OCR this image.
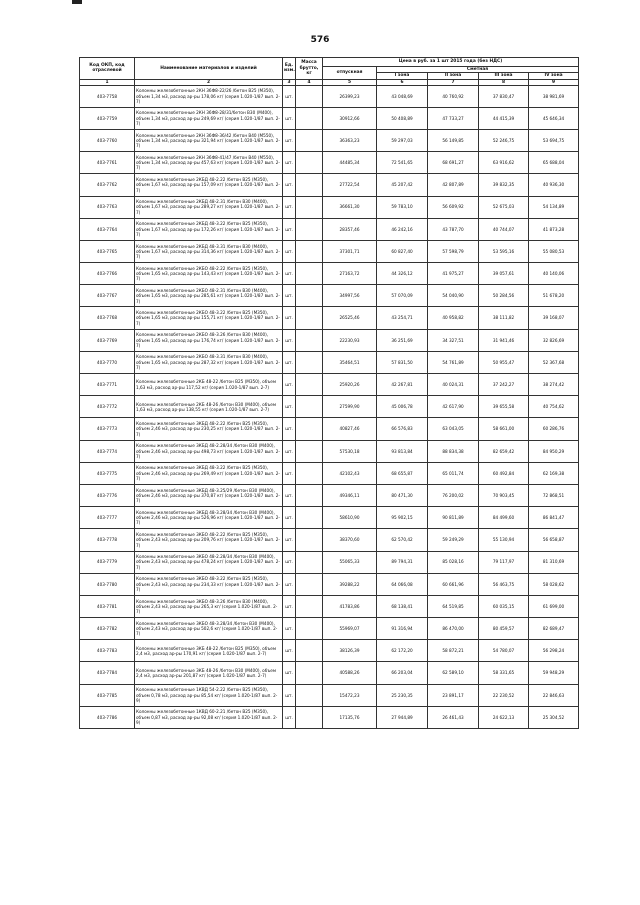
576
Код ОКП, код отраслевой	Наименование материалов и изделий	Ед. изм.	Масса брутто, кг	Цена в руб. за 1 шт 2015 года (без НДС)				
				отпускная	Сметная			
					I зона	II зона	III зона	IV зона
1	2	3	4	5	6	7	8	9
403-7758	Колонны железобетонные 2КН 36Ф8-22/26 /бетон В25 (М350), объем 1,34 м3, расход ар-ры 178,06 кг/ (серия 1.020-1/87 вып. 2-7)	шт.		26399,23	43 048,69	40 760,92	37 830,47	38 981,69
403-7759	Колонны железобетонные 2КН 36Ф8-28/31/бетон В30 (М400), объем 1,34 м3, расход ар-ры 249,69 кг/ (серия 1.020-1/87 вып. 2-7)	шт.		30912,66	50 408,89	47 733,27	44 415,39	45 646,34
403-7760	Колонны железобетонные 2КН 36Ф8-36/42 /бетон В40 (М550), объем 1,34 м3, расход ар-ры 321,94 кг/ (серия 1.020-1/87 вып. 2-7)	шт.		36363,23	59 297,03	56 149,85	52 246,75	53 694,75
403-7761	Колонны железобетонные 2КН 36Ф8-41/47 /бетон В40 (М550), объем 1,34 м3, расход ар-ры 457,63 кг/ (серия 1.020-1/87 вып. 2-7)	шт.		44485,34	72 541,65	68 691,27	63 916,62	65 688,04
403-7762	Колонны железобетонные 2КБД 48-2.22 /бетон В25 (М350), объем 1,67 м3, расход ар-ры 157,09 кг/ (серия 1.020-1/87 вып. 2-7)	шт.		27722,54	45 207,42	42 807,89	39 832,35	40 936,30
403-7763	Колонны железобетонные 2КБД 48-2.31 /бетон В30 (М400), объем 1,67 м3, расход ар-ры 289,27 кг/ (серия 1.020-1/87 вып. 2-7)	шт.		36661,30	59 783,10	56 609,92	52 675,03	54 134,89
403-7764	Колонны железобетонные 2КБД 48-3.22 /бетон В25 (М350), объем 1,67 м3, расход ар-ры 172,26 кг/ (серия 1.020-1/87 вып. 2-7)	шт.		28357,46	46 242,16	43 787,70	40 744,07	41 873,28
403-7765	Колонны железобетонные 2КБД 48-3.31 /бетон В30 (М400), объем 1,67 м3, расход ар-ры 314,36 кг/ (серия 1.020-1/87 вып. 2-7)	шт.		37301,71	60 827,40	57 598,79	53 595,16	55 080,53
403-7766	Колонны железобетонные 2КБО 48-2.22 /бетон В25 (М350), объем 1,65 м3, расход ар-ры 143,43 кг/ (серия 1.020-1/87 вып. 2-7)	шт.		27163,72	44 326,12	41 975,27	39 057,61	40 140,06
403-7767	Колонны железобетонные 2КБО 48-2.31 /бетон В30 (М400), объем 1,65 м3, расход ар-ры 285,61 кг/ (серия 1.020-1/87 вып. 2-7)	шт.		34997,56	57 070,09	54 040,90	50 284,56	51 678,20
403-7768	Колонны железобетонные 2КБО 48-3.22 /бетон В25 (М350), объем 1,65 м3, расход ар-ры 155,71 кг/ (серия 1.020-1/87 вып. 2-7)	шт.		26525,46	43 254,71	40 958,82	38 111,82	39 168,07
403-7769	Колонны железобетонные 2КБО 48-3.26 /бетон В30 (М400), объем 1,65 м3, расход ар-ры 176,74 кг/ (серия 1.020-1/87 вып. 2-7)	шт.		22230,93	36 251,69	34 327,51	31 941,46	32 826,69
403-7770	Колонны железобетонные 2КБО 48-3.31 /бетон В30 (М400), объем 1,65 м3, расход ар-ры 287,32 кг/ (серия 1.020-1/87 вып. 2-7)	шт.		35464,51	57 831,50	54 761,89	50 955,47	52 367,68
403-7771	Колонны железобетонные 2КБ 48-22 /бетон В25 (М350), объем 1,63 м3, расход ар-ры 117,52 кг/ (серия 1.020-1/87 вып. 2-7)	шт.		25920,26	42 267,81	40 024,31	37 242,27	38 274,42
403-7772	Колонны железобетонные 2КБ 48-26 /бетон В30 (М400), объем 1,63 м3, расход ар-ры 138,55 кг/ (серия 1.020-1/87 вып. 2-7)	шт.		27599,90	45 006,78	42 617,90	39 655,58	40 754,62
403-7773	Колонны железобетонные 3КБД 48-2.22 /бетон В25 (М350), объем 2,46 м3, расход ар-ры 230,25 кг/ (серия 1.020-1/87 вып. 2-7)	шт.		40827,46	66 576,83	63 043,05	58 661,00	60 286,76
403-7774	Колонны железобетонные 3КБД 48-2.28/34 /бетон В30 (М400), объем 2,46 м3, расход ар-ры 498,73 кг/ (серия 1.020-1/87 вып. 2-7)	шт.		57530,18	93 813,84	88 834,38	82 659,42	84 950,29
403-7775	Колонны железобетонные 3КБД 48-3.22 /бетон В25 (М350), объем 2,46 м3, расход ар-ры 269,49 кг/ (серия 1.020-1/87 вып. 2-7)	шт.		42102,43	68 655,87	65 011,74	60 492,84	62 169,38
403-7776	Колонны железобетонные 3КБД 48-3.25/29 /бетон В30 (М400), объем 2,46 м3, расход ар-ры 370,87 кг/ (серия 1.020-1/87 вып. 2-7)	шт.		49346,11	80 471,30	76 200,02	70 903,45	72 868,51
403-7777	Колонны железобетонные 3КБД 48-3.28/34 /бетон В30 (М400), объем 2,46 м3, расход ар-ры 526,96 кг/ (серия 1.020-1/87 вып. 2-7)	шт.		58610,90	95 902,15	90 811,89	84 499,60	86 841,47
403-7778	Колонны железобетонные 3КБО 48-2.22 /бетон В25 (М350), объем 2,43 м3, расход ар-ры 209,76 кг/ (серия 1.020-1/87 вып. 2-7)	шт.		38370,60	62 570,42	59 249,29	55 130,94	56 658,87
403-7779	Колонны железобетонные 3КБО 48-2.28/34 /бетон В30 (М400), объем 2,43 м3, расход ар-ры 478,24 кг/ (серия 1.020-1/87 вып. 2-7)	шт.		55065,33	89 794,31	85 028,16	79 117,97	81 310,69
403-7780	Колонны железобетонные 3КБО 48-3.22 /бетон В25 (М350), объем 2,43 м3, расход ар-ры 234,33 кг/ (серия 1.020-1/87 вып. 2-7)	шт.		39288,22	64 066,08	60 661,96	56 463,75	58 028,62
403-7781	Колонны железобетонные 3КБО 48-3.26 /бетон В30 (М400), объем 2,43 м3, расход ар-ры 265,3 кг/ (серия 1.020-1/87 вып. 2-7)	шт.		41783,86	68 138,41	64 519,85	60 035,15	61 699,00
403-7782	Колонны железобетонные 3КБО 48-3.28/34 /бетон В30 (М400), объем 2,43 м3, расход ар-ры 502,6 кг/ (серия 1.020-1/87 вып. 2-7)	шт.		55969,07	91 316,94	86 470,00	80 459,57	82 689,47
403-7783	Колонны железобетонные 3КБ 48-22 /бетон В25 (М350), объем 2,4 м3, расход ар-ры 170,91 кг/ (серия 1.020-1/87 вып. 2-7)	шт.		38126,39	62 172,20	58 872,21	54 780,07	56 298,24
403-7784	Колонны железобетонные 3КБ 48-26 /бетон В30 (М400), объем 2,4 м3, расход ар-ры 201,87 кг/ (серия 1.020-1/87 вып. 2-7)	шт.		40588,26	66 203,04	62 589,10	58 331,65	59 948,29
403-7785	Колонны железобетонные 1КВД 54-2.22 /бетон В25 (М350), объем 0,78 м3, расход ар-ры 85,54 кг/ (серия 1.020-1/87 вып. 2-9)	шт.		15472,23	25 230,35	23 891,17	22 230,52	22 846,63
403-7786	Колонны железобетонные 1КВД 60-2.21 /бетон В25 (М350), объем 0,87 м3, расход ар-ры 92,08 кг/ (серия 1.020-1/87 вып. 2-9)	шт.		17135,76	27 944,89	26 461,43	24 622,13	25 304,52
